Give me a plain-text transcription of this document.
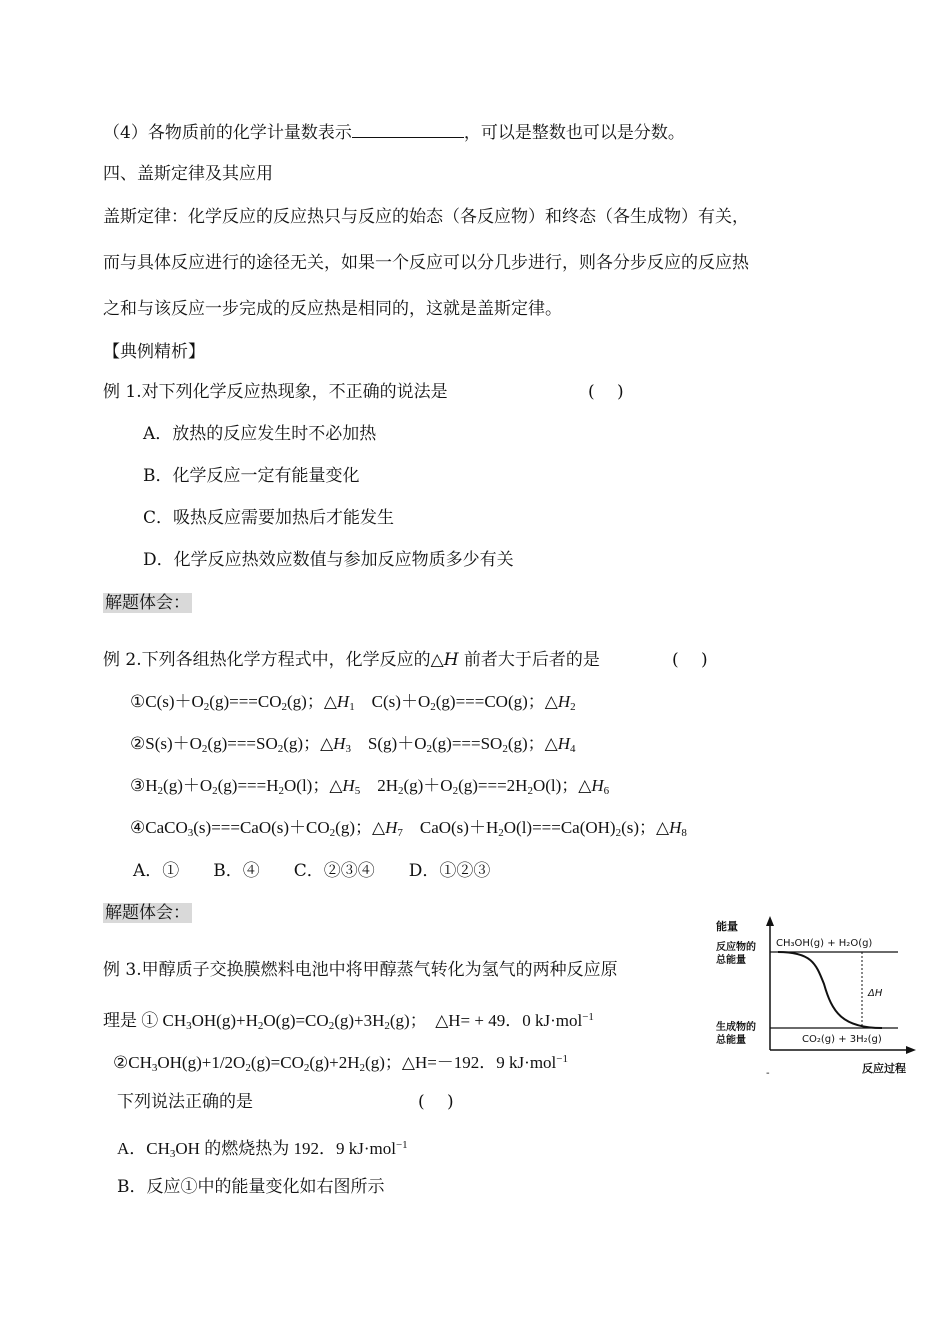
（4）各物质前的化学计量数表示	，可以是整数也可以是分数。
四、盖斯定律及其应用
盖斯定律：化学反应的反应热只与反应的始态（各反应物）和终态（各生成物）有关，
而与具体反应进行的途径无关，如果一个反应可以分几步进行，则各分步反应的反应热
之和与该反应一步完成的反应热是相同的，这就是盖斯定律。
【典例精析】
例 1.对下列化学反应热现象，不正确的说法是	(　 )
A．放热的反应发生时不必加热
B．化学反应一定有能量变化
C．吸热反应需要加热后才能发生
D．化学反应热效应数值与参加反应物质多少有关
解题体会：
例 2.下列各组热化学方程式中，化学反应的△H 前者大于后者的是	(　 )
$①C(s)+O_2(g)===CO_2(g)$；$\triangle H_1$　$C(s)+O_2(g)===CO(g)$；$\triangle H_2$
$②S(s)+O_2(g)===SO_2(g)$；$\triangle H_3$　$S(g)+O_2(g)===SO_2(g)$；$\triangle H_4$
$③H_2(g)+O_2(g)===H_2O(l)$；$\triangle H_5$　$2H_2(g)+O_2(g)===2H_2O(l)$；$\triangle H_6$
$④CaCO_3(s)===CaO(s)+CO_2(g)$；$\triangle H_7$　$CaO(s)+H_2O(l)===Ca(OH)_2(s)$；$\triangle H_8$
A．①　　B．④　　C．②③④　　D．①②③
解题体会：
例 3.甲醇质子交换膜燃料电池中将甲醇蒸气转化为氢气的两种反应原
理是 ① $CH_3OH(g)+H_2O(g)=CO_2(g)+3H_2(g)$；　△H= + 49．0 kJ·mol$^{-1}$
$②CH_3OH(g)+1/2O_2(g)=CO_2(g)+2H_2(g)$；△H=－192．9 kJ·mol$^{-1}$
下列说法正确的是	(　 )
A．$CH_3OH$ 的燃烧热为 192．9 kJ·mol$^{-1}$
B．反应①中的能量变化如右图所示
能量
反应过程
反应物的
总能量
CH₃OH(g) + H₂O(g)
生成物的
总能量	CO₂(g) + 3H₂(g)
ΔH
-
